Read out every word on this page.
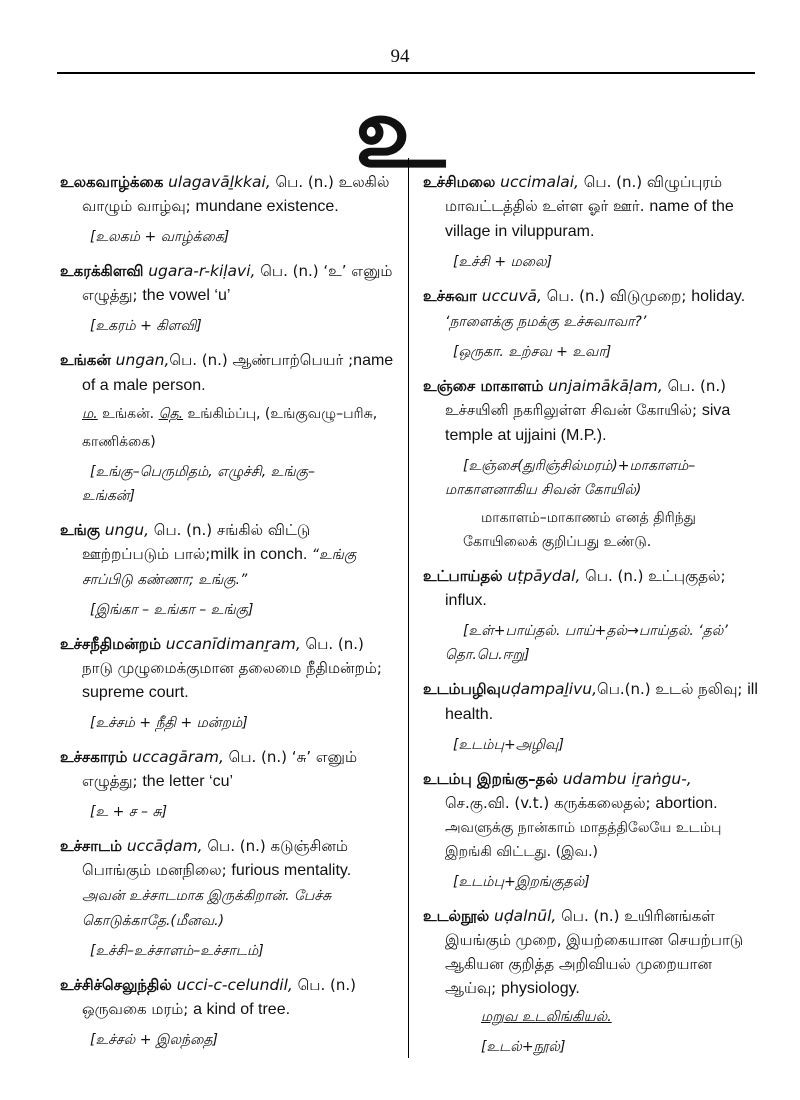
94
உ
உலகவாழ்க்கை ulagavāḻkkai, பெ. (n.) உலகில்
வாழும் வாழ்வு; mundane existence.
[உலகம் + வாழ்க்கை]
உகரக்கிளவி ugara-r-kiḷavi, பெ. (n.) ‘உ’ எனும்
எழுத்து; the vowel ‘u’
[உகரம் + கிளவி]
உங்கன் ungan,பெ. (n.) ஆண்பாற்பெயர் ;name
of a male person.
ம. உங்கன். தெ. உங்கிம்ப்பு, (உங்குவழு–பரிசு,
காணிக்கை)
[உங்கு–பெருமிதம், எழுச்சி, உங்கு–
உங்கன்]
உங்கு ungu, பெ. (n.) சங்கில் விட்டு
ஊற்றப்படும் பால்;milk in conch. “உங்கு
சாப்பிடு கண்ணா; உங்கு.”
[இங்கா – உங்கா – உங்கு]
உச்சநீதிமன்றம் uccanīdimanṟam, பெ. (n.)
நாடு முழுமைக்குமான தலைமை நீதிமன்றம்;
supreme court.
[உச்சம் + நீதி + மன்றம்]
உச்சகாரம் uccagāram, பெ. (n.) ‘சு’ எனும்
எழுத்து; the letter ‘cu’
[உ + ச – சு]
உச்சாடம் uccāḍam, பெ. (n.) கடுஞ்சினம்
பொங்கும் மனநிலை; furious mentality.
அவன் உச்சாடமாக இருக்கிறான். பேச்சு
கொடுக்காதே.(மீனவ.)
[உச்சி–உச்சாளம்–உச்சாடம்]
உச்சிச்செலுந்தில் ucci-c-celundil, பெ. (n.)
ஒருவகை மரம்; a kind of tree.
[உச்சல் + இலந்தை]
உச்சிமலை uccimalai, பெ. (n.) விழுப்புரம்
மாவட்டத்தில் உள்ள ஓர் ஊர். name of the
village in viluppuram.
[உச்சி + மலை]
உச்சுவா uccuvā, பெ. (n.) விடுமுறை; holiday.
‘நாளைக்கு நமக்கு உச்சுவாவா?’
[ஒருகா. உற்சவ + உவா]
உஞ்சை மாகாளம் unjaimākāḷam, பெ. (n.)
உச்சயினி நகரிலுள்ள சிவன் கோயில்; siva
temple at ujjaini (M.P.).
[உஞ்சை(துரிஞ்சில்மரம்)+மாகாளம்–
மாகாளனாகிய சிவன் கோயில்)
மாகாளம்–மாகாணம் எனத் திரிந்து
கோயிலைக் குறிப்பது உண்டு.
உட்பாய்தல் uṭpāydal, பெ. (n.) உட்புகுதல்;
influx.
[உள்+பாய்தல். பாய்+தல்→பாய்தல். ‘தல்’
தொ.பெ.ஈறு]
உடம்பழிவுuḍampaḻivu,பெ.(n.) உடல் நலிவு; ill
health.
[உடம்பு+அழிவு]
உடம்பு இறங்கு–தல் udambu iṟaṅgu-,
செ.கு.வி. (v.t.) கருக்கலைதல்; abortion.
அவளுக்கு நான்காம் மாதத்திலேயே உடம்பு
இறங்கி விட்டது. (இவ.)
[உடம்பு+இறங்குதல்]
உடல்நூல் uḍalnūl, பெ. (n.) உயிரினங்கள்
இயங்கும் முறை, இயற்கையான செயற்பாடு
ஆகியன குறித்த அறிவியல் முறையான
ஆய்வு; physiology.
மறுவ உடலிங்கியல்.
[உடல்+நூல்]
